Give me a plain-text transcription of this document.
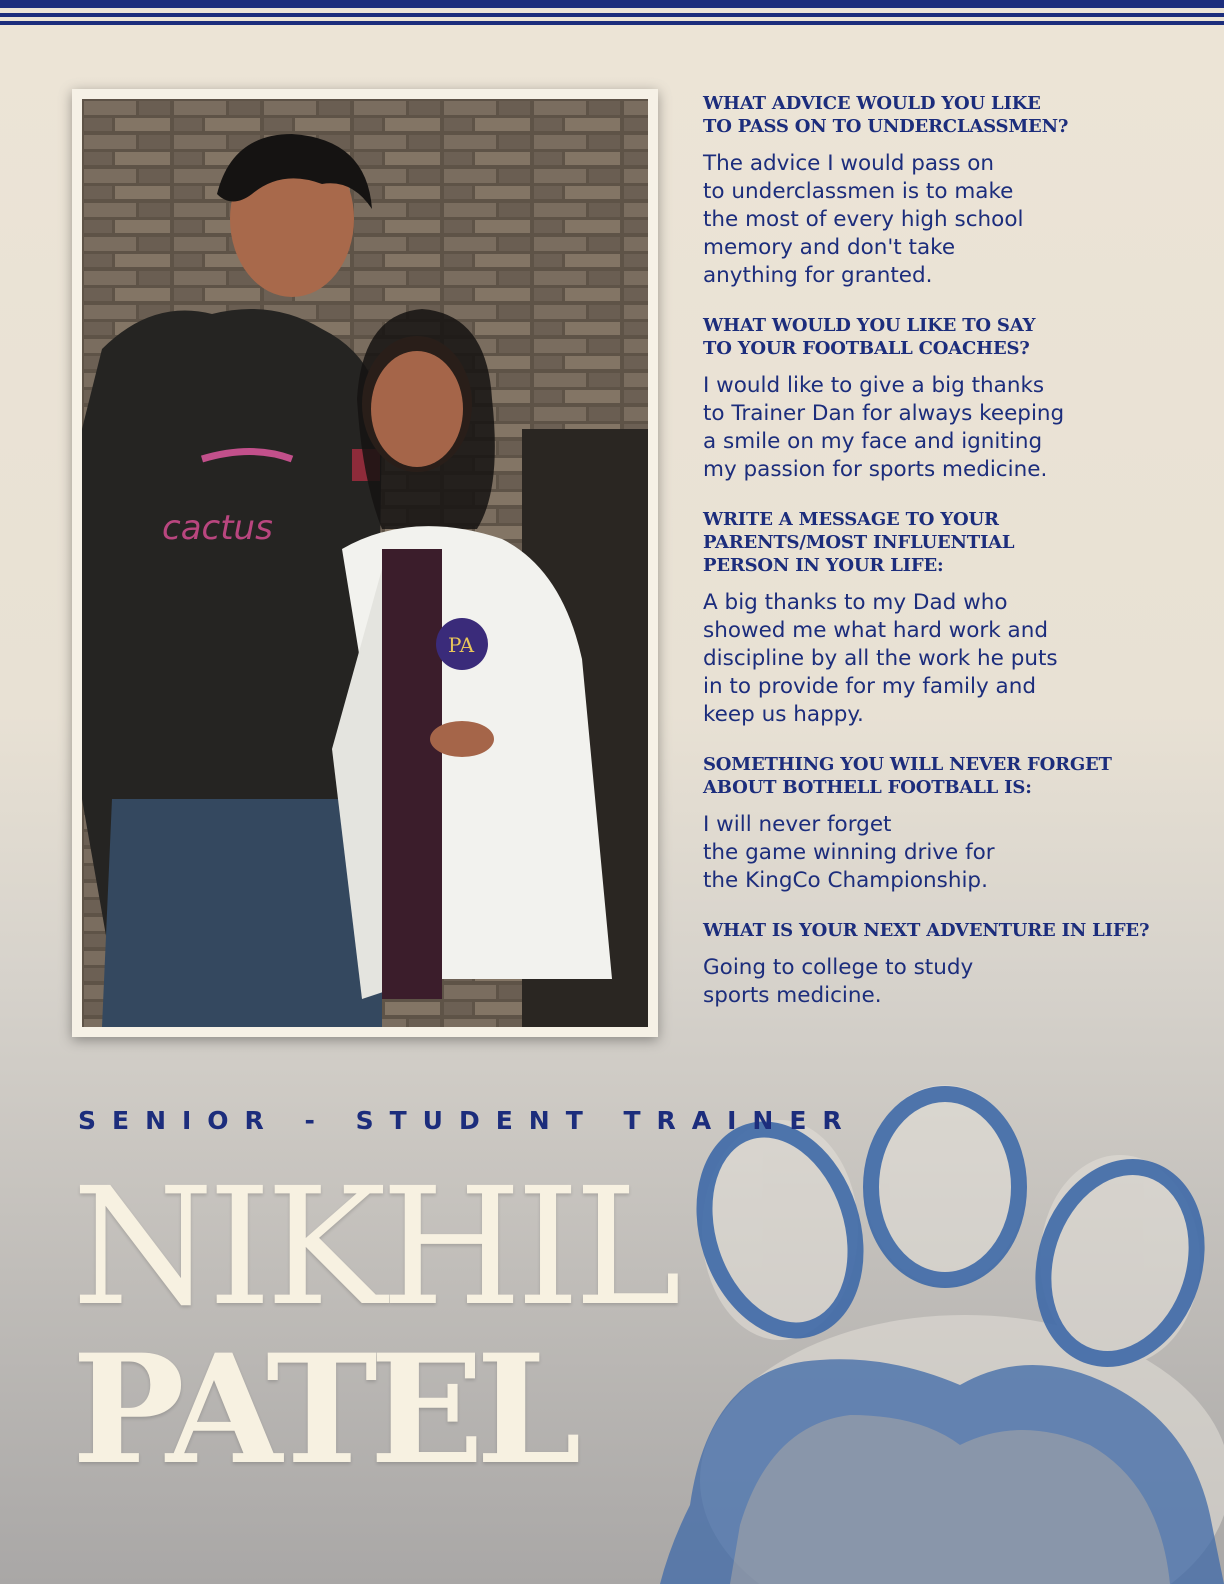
cactus
PA

WHAT ADVICE WOULD YOU LIKE
TO PASS ON TO UNDERCLASSMEN?

The advice I would pass on
to underclassmen is to make
the most of every high school
memory and don't take
anything for granted.

WHAT WOULD YOU LIKE TO SAY
TO YOUR FOOTBALL COACHES?

I would like to give a big thanks
to Trainer Dan for always keeping
a smile on my face and igniting
my passion for sports medicine.

WRITE A MESSAGE TO YOUR
PARENTS/MOST INFLUENTIAL
PERSON IN YOUR LIFE:

A big thanks to my Dad who
showed me what hard work and
discipline by all the work he puts
in to provide for my family and
keep us happy.

SOMETHING YOU WILL NEVER FORGET
ABOUT BOTHELL FOOTBALL IS:

I will never forget
the game winning drive for
the KingCo Championship.

WHAT IS YOUR NEXT ADVENTURE IN LIFE?

Going to college to study
sports medicine.

SENIOR - STUDENT TRAINER
NIKHIL
PATEL
